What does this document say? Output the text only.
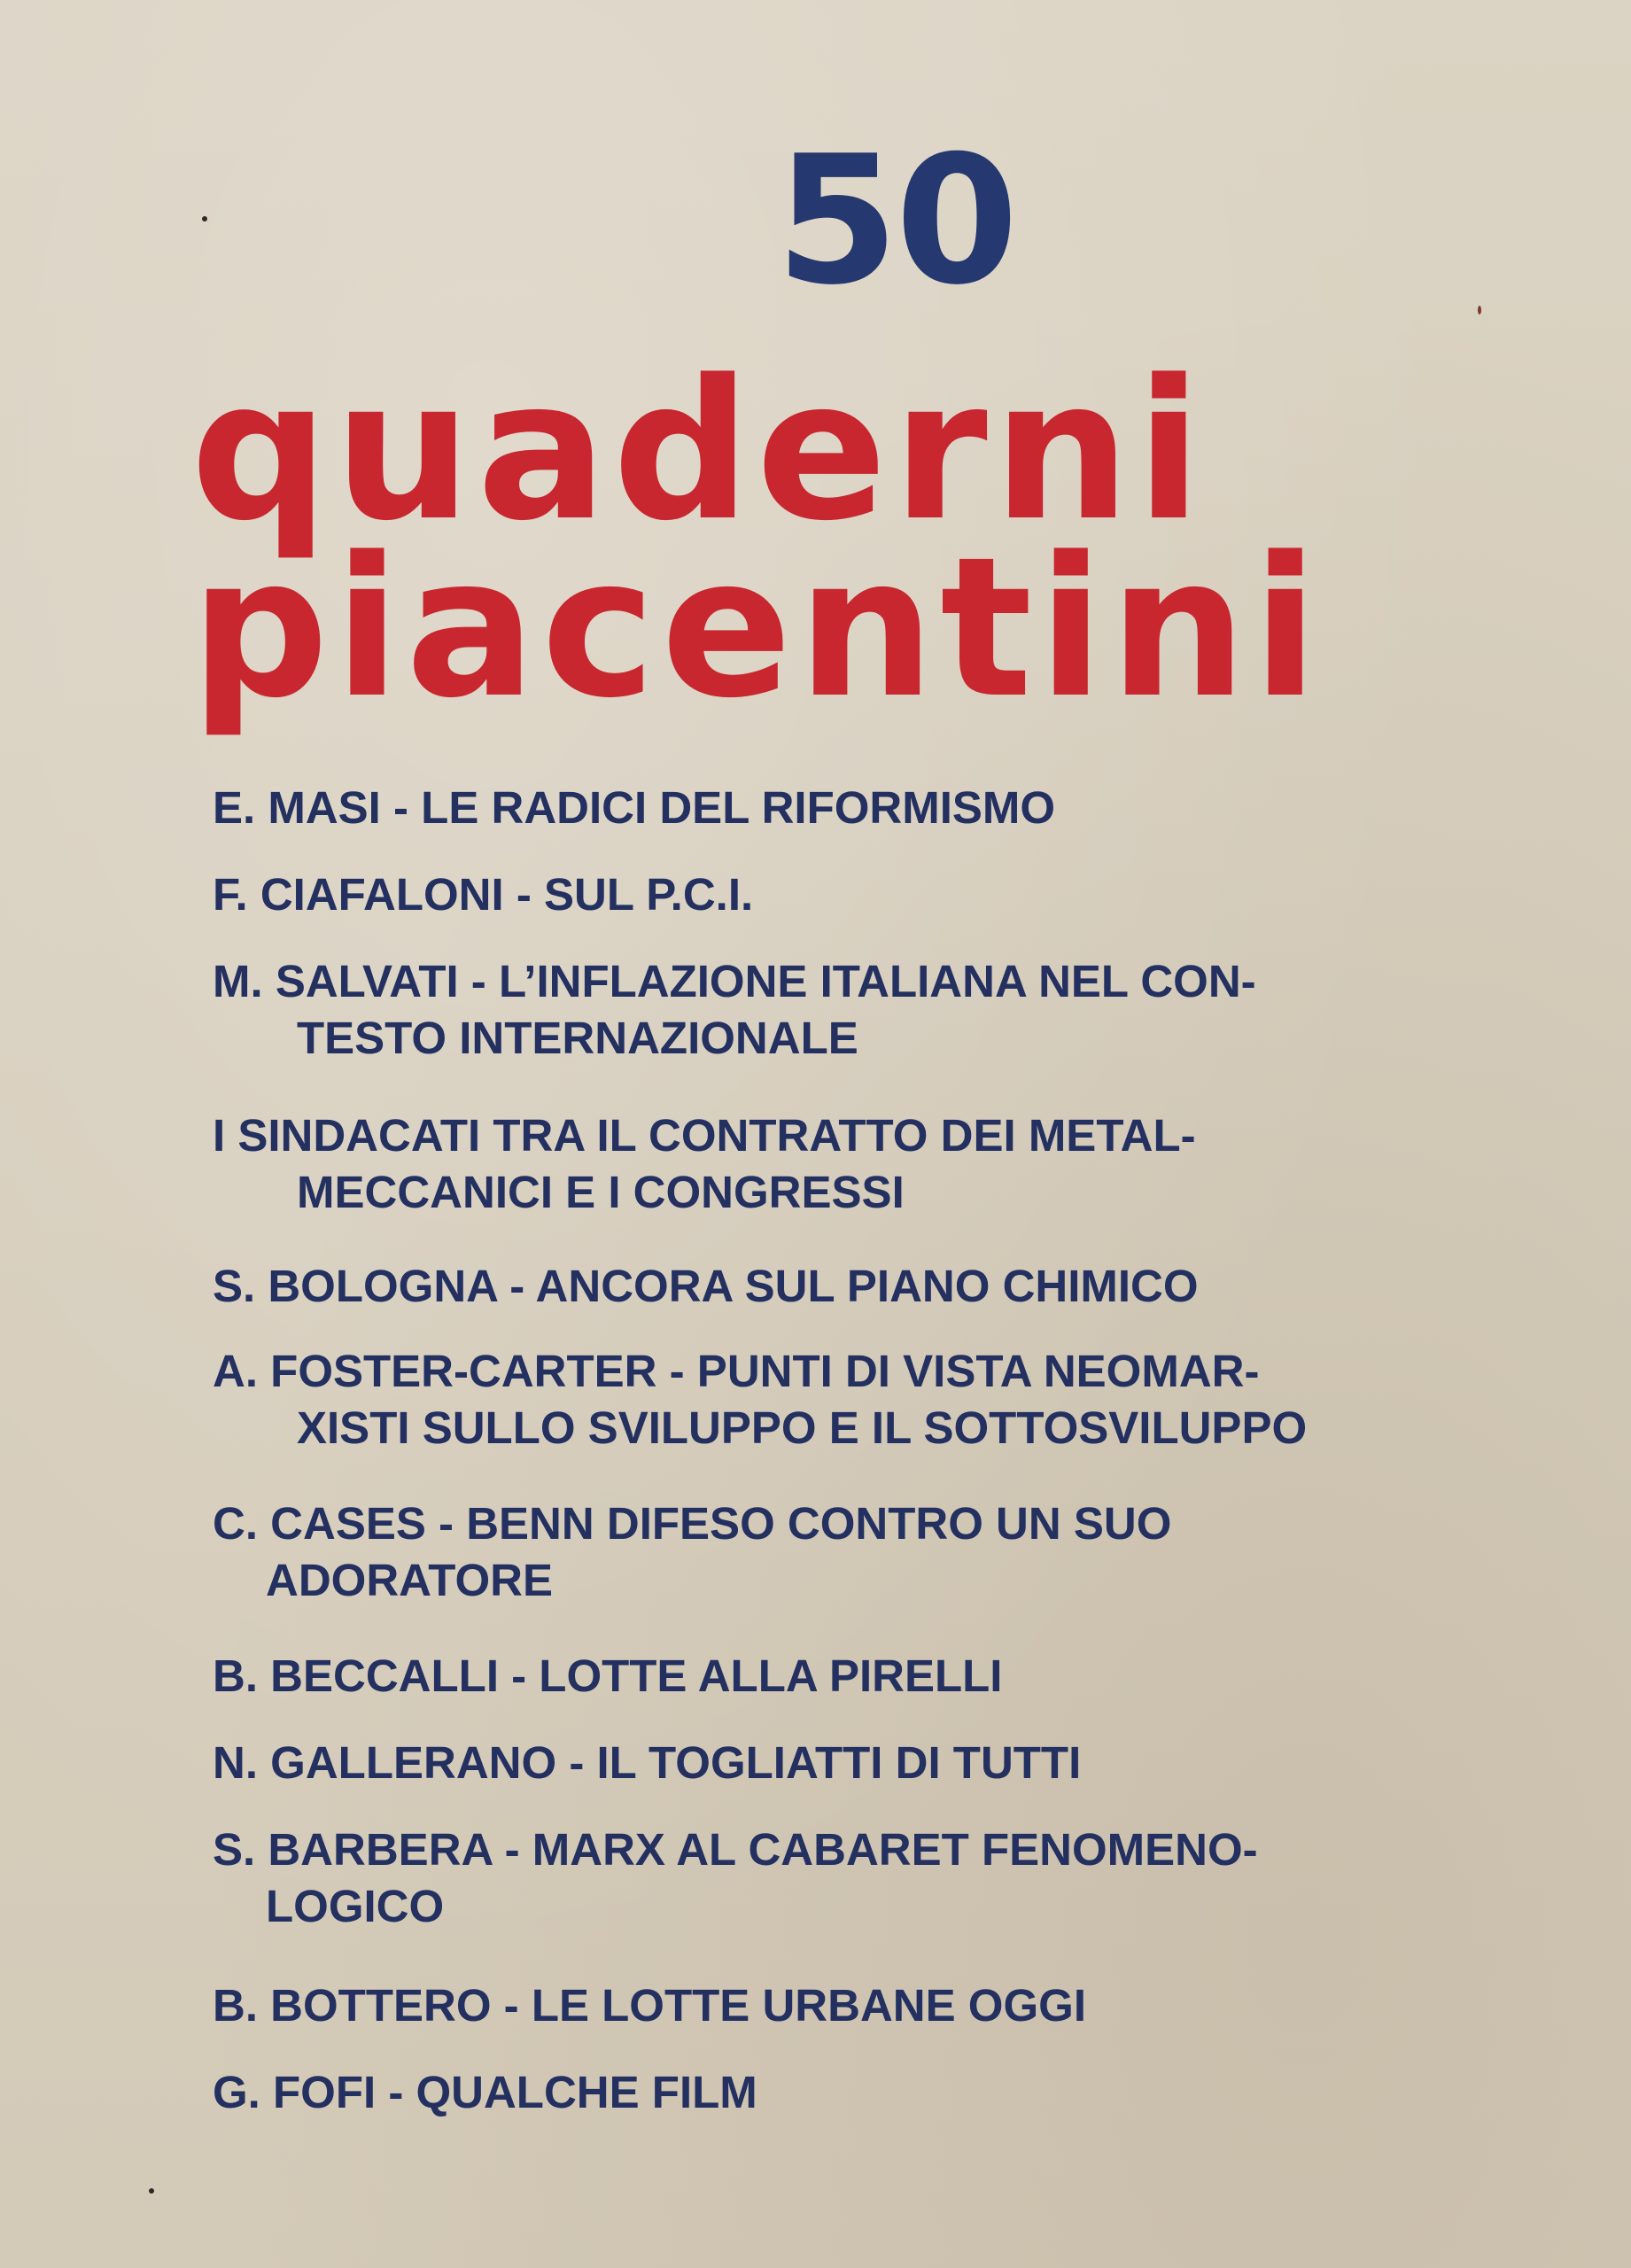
50
quaderni
piacentini
E. MASI - LE RADICI DEL RIFORMISMO
F. CIAFALONI - SUL P.C.I.
M. SALVATI - L’INFLAZIONE ITALIANA NEL CON-
TESTO INTERNAZIONALE
I SINDACATI TRA IL CONTRATTO DEI METAL-
MECCANICI E I CONGRESSI
S. BOLOGNA - ANCORA SUL PIANO CHIMICO
A. FOSTER-CARTER - PUNTI DI VISTA NEOMAR-
XISTI SULLO SVILUPPO E IL SOTTOSVILUPPO
C. CASES - BENN DIFESO CONTRO UN SUO
ADORATORE
B. BECCALLI - LOTTE ALLA PIRELLI
N. GALLERANO - IL TOGLIATTI DI TUTTI
S. BARBERA - MARX AL CABARET FENOMENO-
LOGICO
B. BOTTERO - LE LOTTE URBANE OGGI
G. FOFI - QUALCHE FILM
